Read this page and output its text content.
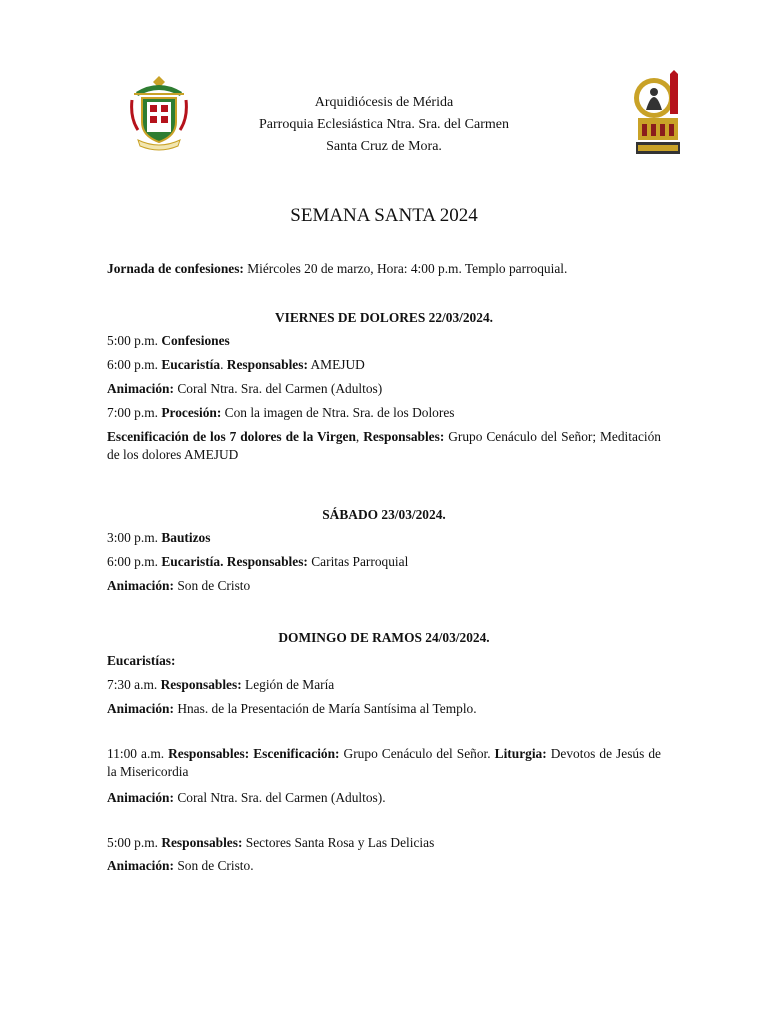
Arquidiócesis de Mérida
Parroquia Eclesiástica Ntra. Sra. del Carmen
Santa Cruz de Mora.
SEMANA SANTA 2024

Jornada de confesiones: Miércoles 20 de marzo, Hora: 4:00 p.m. Templo parroquial.

VIERNES DE DOLORES 22/03/2024.

5:00 p.m. Confesiones

6:00 p.m. Eucaristía. Responsables: AMEJUD

Animación: Coral Ntra. Sra. del Carmen (Adultos)

7:00 p.m. Procesión: Con la imagen de Ntra. Sra. de los Dolores

Escenificación de los 7 dolores de la Virgen, Responsables: Grupo Cenáculo del Señor; Meditación de los dolores AMEJUD

SÁBADO 23/03/2024.

3:00 p.m. Bautizos

6:00 p.m. Eucaristía. Responsables: Caritas Parroquial

Animación: Son de Cristo

DOMINGO DE RAMOS 24/03/2024.

Eucaristías:

7:30 a.m. Responsables: Legión de María

Animación: Hnas. de la Presentación de María Santísima al Templo.

11:00 a.m. Responsables: Escenificación: Grupo Cenáculo del Señor. Liturgia: Devotos de Jesús de la Misericordia

Animación: Coral Ntra. Sra. del Carmen (Adultos).

5:00 p.m. Responsables: Sectores Santa Rosa y Las Delicias

Animación: Son de Cristo.
